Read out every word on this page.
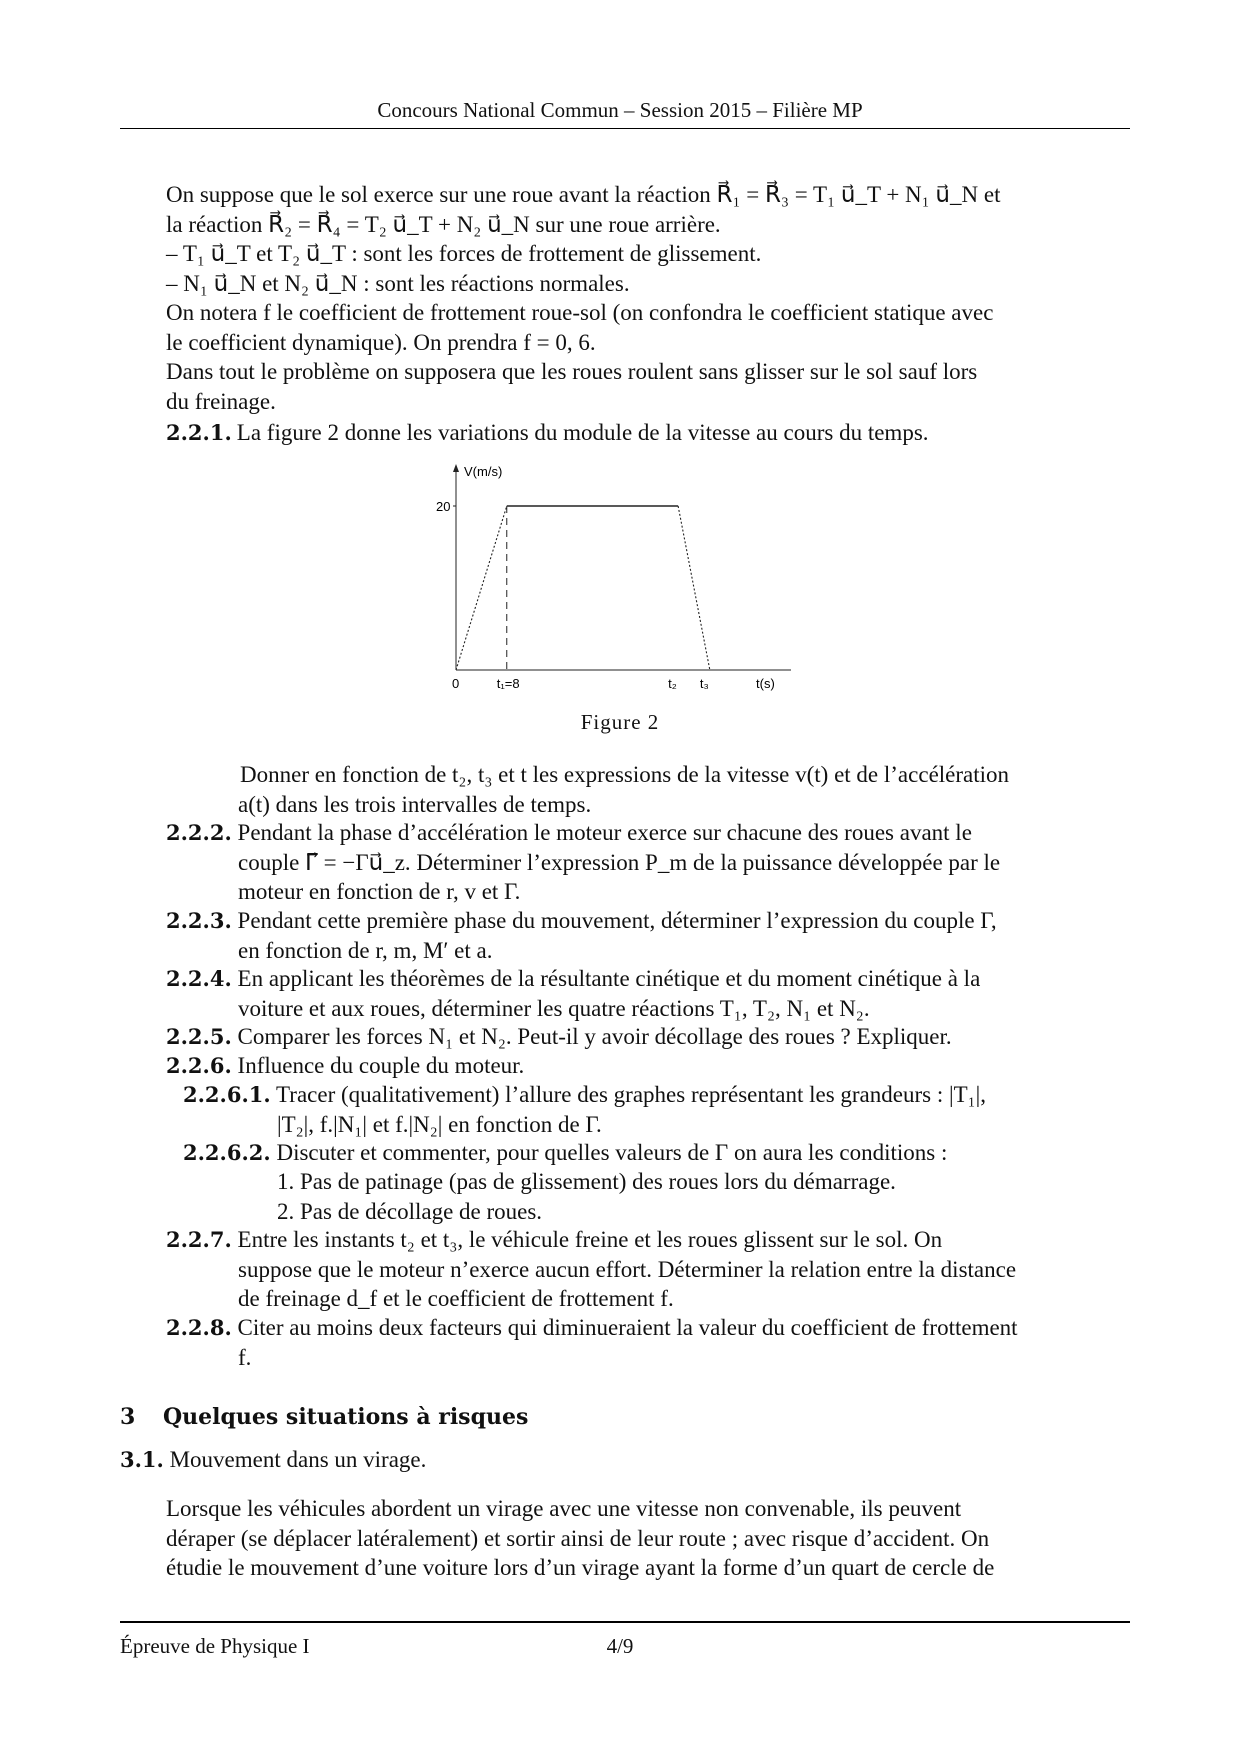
Concours National Commun – Session 2015 – Filière MP
On suppose que le sol exerce sur une roue avant la réaction R⃗₁ = R⃗₃ = T₁ u⃗_T + N₁ u⃗_N et
la réaction R⃗₂ = R⃗₄ = T₂ u⃗_T + N₂ u⃗_N sur une roue arrière.
– T₁ u⃗_T et T₂ u⃗_T : sont les forces de frottement de glissement.
– N₁ u⃗_N et N₂ u⃗_N : sont les réactions normales.
On notera f le coefficient de frottement roue-sol (on confondra le coefficient statique avec
le coefficient dynamique). On prendra f = 0, 6.
Dans tout le problème on supposera que les roues roulent sans glisser sur le sol sauf lors
du freinage.
2.2.1. La figure 2 donne les variations du module de la vitesse au cours du temps.
V(m/s)
t(s)
20
0	t₁=8	t₂ t₃
Figure 2
Donner en fonction de t₂, t₃ et t les expressions de la vitesse v(t) et de l’accélération
a(t) dans les trois intervalles de temps.
2.2.2. Pendant la phase d’accélération le moteur exerce sur chacune des roues avant le
couple Γ⃗ = −Γu⃗_z. Déterminer l’expression P_m de la puissance développée par le
moteur en fonction de r, v et Γ.
2.2.3. Pendant cette première phase du mouvement, déterminer l’expression du couple Γ,
en fonction de r, m, M′ et a.
2.2.4. En applicant les théorèmes de la résultante cinétique et du moment cinétique à la
voiture et aux roues, déterminer les quatre réactions T₁, T₂, N₁ et N₂.
2.2.5. Comparer les forces N₁ et N₂. Peut-il y avoir décollage des roues ? Expliquer.
2.2.6. Influence du couple du moteur.
2.2.6.1. Tracer (qualitativement) l’allure des graphes représentant les grandeurs : |T₁|,
|T₂|, f.|N₁| et f.|N₂| en fonction de Γ.
2.2.6.2. Discuter et commenter, pour quelles valeurs de Γ on aura les conditions :
1. Pas de patinage (pas de glissement) des roues lors du démarrage.
2. Pas de décollage de roues.
2.2.7. Entre les instants t₂ et t₃, le véhicule freine et les roues glissent sur le sol. On
suppose que le moteur n’exerce aucun effort. Déterminer la relation entre la distance
de freinage d_f et le coefficient de frottement f.
2.2.8. Citer au moins deux facteurs qui diminueraient la valeur du coefficient de frottement
f.
3 Quelques situations à risques
3.1. Mouvement dans un virage.
Lorsque les véhicules abordent un virage avec une vitesse non convenable, ils peuvent
déraper (se déplacer latéralement) et sortir ainsi de leur route ; avec risque d’accident. On
étudie le mouvement d’une voiture lors d’un virage ayant la forme d’un quart de cercle de
Épreuve de Physique I	4/9
